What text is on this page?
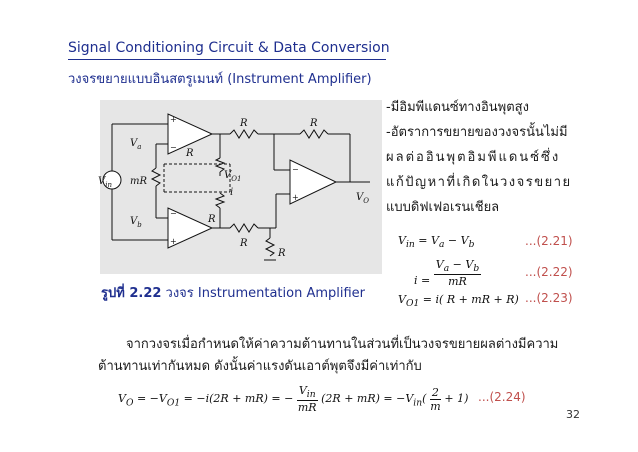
Signal Conditioning Circuit & Data Conversion
วงจรขยายแบบอินสตรูเมนท์ (Instrument Amplifier)
+
−
−
+
−
+
$V_a$
$V_b$
$V_{in}$
$V_O$
$V_{O1}$
i
mR
R	R
R
R
R
R
รูปที่ 2.22 วงจร Instrumentation Amplifier
-มีอิมพีแดนซ์ทางอินพุตสูง
-อัตราการขยายของวงจรนั้นไม่มี
ผลต่ออินพุตอิมพีแดนซ์ซึ่ง
แก้ปัญหาที่เกิดในวงจรขยาย
แบบดิฟเฟอเรนเชียล
$V_{in} = V_a - V_b$	...(2.21)
$i = \frac{V_a - V_b}{mR}$	...(2.22)
$V_{O1} = i$( R + mR + R) ...(2.23)
จากวงจรเมื่อกำหนดให้ค่าความต้านทานในส่วนที่เป็นวงจรขยายผลต่างมีความ
ต้านทานเท่ากันหมด ดังนั้นค่าแรงดันเอาต์พุตจึงมีค่าเท่ากับ
$V_O = -V_{O1} = -i(2R + mR)$ = −
$V_{in}$
mR
$(2R + mR) = -V_{in}( \frac{2}{m} + 1)$ ...(2.24)
32
